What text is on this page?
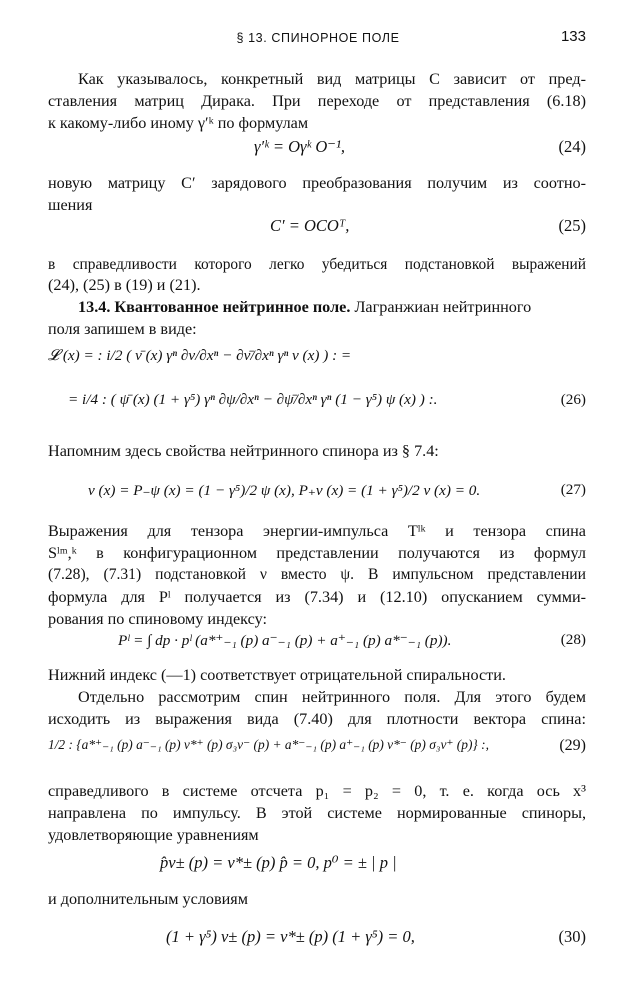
§ 13. СПИНОРНОЕ ПОЛЕ	133
Как указывалось, конкретный вид матрицы C зависит от пред-
ставления матриц Дирака. При переходе от представления (6.18)
к какому-либо иному γ′ᵏ по формулам
γ′ᵏ = Oγᵏ O⁻¹,	(24)
новую матрицу C′ зарядового преобразования получим из соотно-
шения
C′ = OCOᵀ,	(25)
в справедливости которого легко убедиться подстановкой выражений
(24), (25) в (19) и (21).
13.4. Квантованное нейтринное поле. Лагранжиан нейтринного
поля запишем в виде:
𝓛 (x) = : i/2 ( ν̄ (x) γⁿ ∂ν/∂xⁿ − ∂ν̄/∂xⁿ γⁿ ν (x) ) : =
= i/4 : ( ψ̄ (x) (1 + γ⁵) γⁿ ∂ψ/∂xⁿ − ∂ψ̄/∂xⁿ γⁿ (1 − γ⁵) ψ (x) ) :.	(26)
Напомним здесь свойства нейтринного спинора из § 7.4:
ν (x) = P₋ψ (x) = (1 − γ⁵)/2 ψ (x), P₊ν (x) = (1 + γ⁵)/2 ν (x) = 0.	(27)
Выражения для тензора энергии-импульса Tˡᵏ и тензора спина
Sˡᵐ,ᵏ в конфигурационном представлении получаются из формул
(7.28), (7.31) подстановкой ν вместо ψ. В импульсном представлении
формула для Pˡ получается из (7.34) и (12.10) опусканием сумми-
рования по спиновому индексу:
Pˡ = ∫ dp · pˡ (a*⁺₋₁ (p) a⁻₋₁ (p) + a⁺₋₁ (p) a*⁻₋₁ (p)).	(28)
Нижний индекс (—1) соответствует отрицательной спиральности.
Отдельно рассмотрим спин нейтринного поля. Для этого будем
исходить из выражения вида (7.40) для плотности вектора спина:
1/2 : {a*⁺₋₁ (p) a⁻₋₁ (p) v*⁺ (p) σ₃v⁻ (p) + a*⁻₋₁ (p) a⁺₋₁ (p) v*⁻ (p) σ₃v⁺ (p)} :,	(29)
справедливого в системе отсчета p₁ = p₂ = 0, т. е. когда ось x³
направлена по импульсу. В этой системе нормированные спиноры,
удовлетворяющие уравнениям
p̂v± (p) = v*± (p) p̂ = 0, p⁰ = ± | p |
и дополнительным условиям
(1 + γ⁵) v± (p) = v*± (p) (1 + γ⁵) = 0,	(30)
